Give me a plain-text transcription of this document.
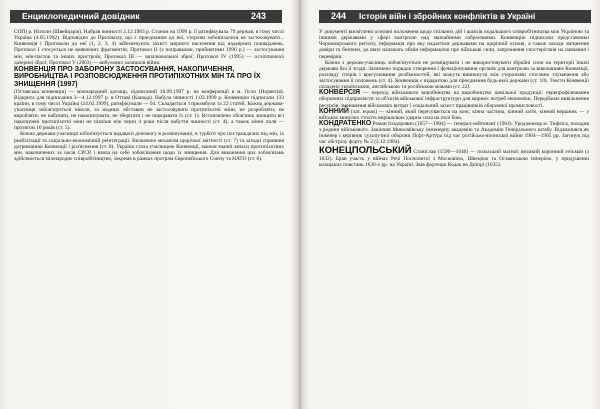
Енциклопедичний довідник	243

СОП) р. Исполн (Швейцарія). Набрав чинності 2.12.1983 р. Станом на 1999 р. її ратифікувала 79 держав, в тому числі Україна (4.05.1992). Відповідно до Протоколу, що є приєднаним до неї, сторони зобов'язалися не застосовувати... Конвенція і Протоколи до неї (1, 2, 3, 4) забезпечують захист мирного населення від надмірних пошкоджень. Протокол І стосується не виявлених фрагментів; Протокол ІІ (з поправками, прийнятими 1996 р.) — застосування мін, мін-пасток та інших пристроїв; Протокол ІІІ — запалювальної зброї; Протокол IV (1995) — осліплюючої лазерної зброї; Протокол V (2003) — вибухових залишків війни.

КОНВЕНЦІЯ ПРО ЗАБОРОНУ ЗАСТОСУВАННЯ, НАКОПИЧЕННЯ, ВИРОБНИЦТВА І РОЗПОВСЮДЖЕННЯ ПРОТИПІХОТНИХ МІН ТА ПРО ЇХ ЗНИЩЕННЯ (1997)

(Оттавська конвенція) — міжнародний договір, підписаний 18.09.1997 р. на конференції в м. Осло (Норвегія). Відкрита для підписання 3—4.12.1997 р. в Оттаві (Канада). Набула чинності 1.03.1999 р. Конвенцію підписали 133 країни, в тому числі Україна (24.02.1999), ратифікували — 94. Складається з преамбули та 22 статей. Кожна держава-учасниця зобов'язується ніколи, за жодних обставин не застосовувати протипіхотні міни, не розробляти, не виробляти, не набувати, не накопичувати, не зберігати і не передавати їх (ст. 1). Встановлено обов'язок знищити всі накопичені протипіхотні міни не пізніше ніж через 4 роки після набуття чинності (ст. 4), а також мінні поля — протягом 10 років (ст. 5).

Кожна держава-учасниця зобов'язується надавати допомогу в розмінуванні, в турботі про постраждалих від мін, їх реабілітації та соціально-економічній реінтеграції. Визначено механізм щорічної звітності (ст. 7) та заходи сприяння дотриманню Конвенції і роз'яснення (ст. 8). Україна стала учасницею Конвенції, маючи значні запаси протипіхотних мін, накопичених за часів СРСР, і взяла на себе зобов'язання щодо їх знищення. Для виконання цих зобов'язань здійснюється міжнародне співробітництво, зокрема в рамках програм Європейського Союзу та НАТО (ст. 6).

244 Історія війн і збройних конфліктів в Україні

У документі висвітлено основні положення щодо спільних дій і шляхів подальшого співробітництва між Україною та іншими державами у сфері контролю над звичайними озброєннями. Конвенцію підписали представники Чорноморського регіону, інформація про яку надається державами на щорічній основі, а також заходи зміцнення довіри та безпеки, до яких належать обмін інформацією про військові сили, запрошення спостерігачів на навчання і перевірки.

Кожна з держав-учасниць зобов'язується не розміщувати і не використовувати збройні сили на території іншої держави без її згоди. Зазначено порядок створення і функціонування органів для контролю за виконанням Конвенції, розгляду спорів і врегулювання розбіжностей, які можуть виникнути між сторонами стосовно тлумачення або застосування її положень (ст. 4). Конвенція є відкритою для приєднання будь-якої держави (ст. 10). Тексти Конвенції складено українською, англійською та російською мовами (ст. 22).

КОНВЕРСІЯ — перехід військового виробництва на виробництво цивільної продукції; перепрофілювання оборонних підприємств та об'єктів військової інфраструктури для мирних потреб економіки. Передбачає вивільнення ресурсів, зменшення військових витрат і соціальний захист працівників оборонної промисловості.

КОННИЙ (лат. equus) — кінний, який пересувається на коні; кінна частина, кінний загін, кінний вершник — у військах минулих століть вирішальна ударна сила на полі бою.

КОНДРАТЕНКО Роман Ісидорович (1857—1904) — генерал-лейтенант (1904). Уродженець м. Тифліса, походив з родини військового. Закінчив Миколаївську інженерну академію та Академію Генерального штабу. Відзначився як інженер і керівник сухопутної оборони Порт-Артура під час російсько-японської війни 1904—1905 рр. Загинув під час обстрілу форту № 2 (2.12.1904).

КОНЕЦПОЛЬСЬКИЙ Станіслав (1590—1646) — польський магнат, великий коронний гетьман (з 1632). Брав участь у війнах Речі Посполитої з Московією, Швецією та Османською імперією, у придушенні козацьких повстань 1630-х рр. на Україні. Звів фортецю Кодак на Дніпрі (1635).
